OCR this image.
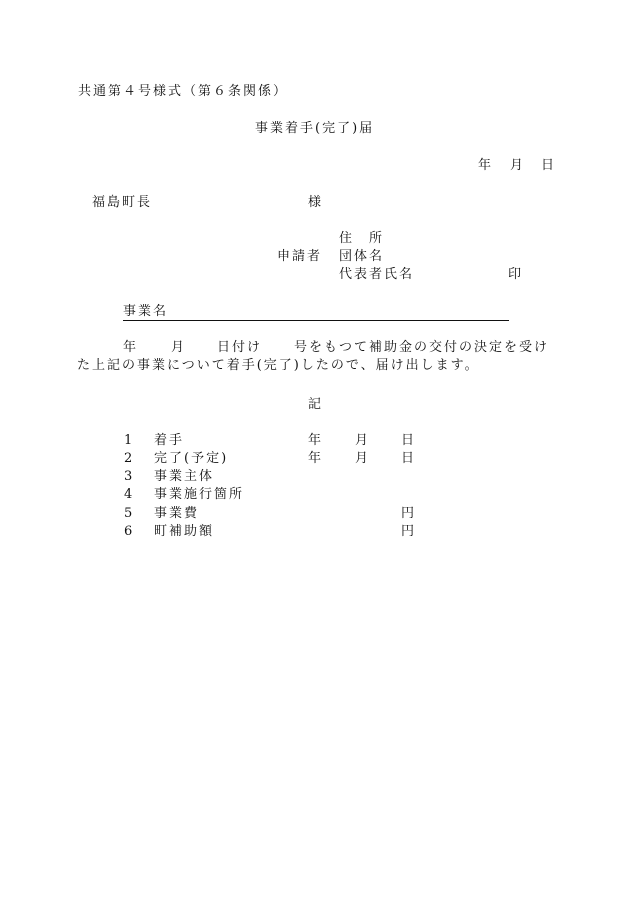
共通第４号様式（第６条関係）
事業着手(完了)届
年 月 日
福島町長	様
住　所
申請者 団体名
代表者氏名	印
事業名
年	月 日付け 号をもつて補助金の交付の決定を受け
た上記の事業について着手(完了)したので、届け出します。
記
1 着手	年 月 日
2 完了(予定)	年 月 日
3 事業主体
4 事業施行箇所
5 事業費	円
6 町補助額	円
